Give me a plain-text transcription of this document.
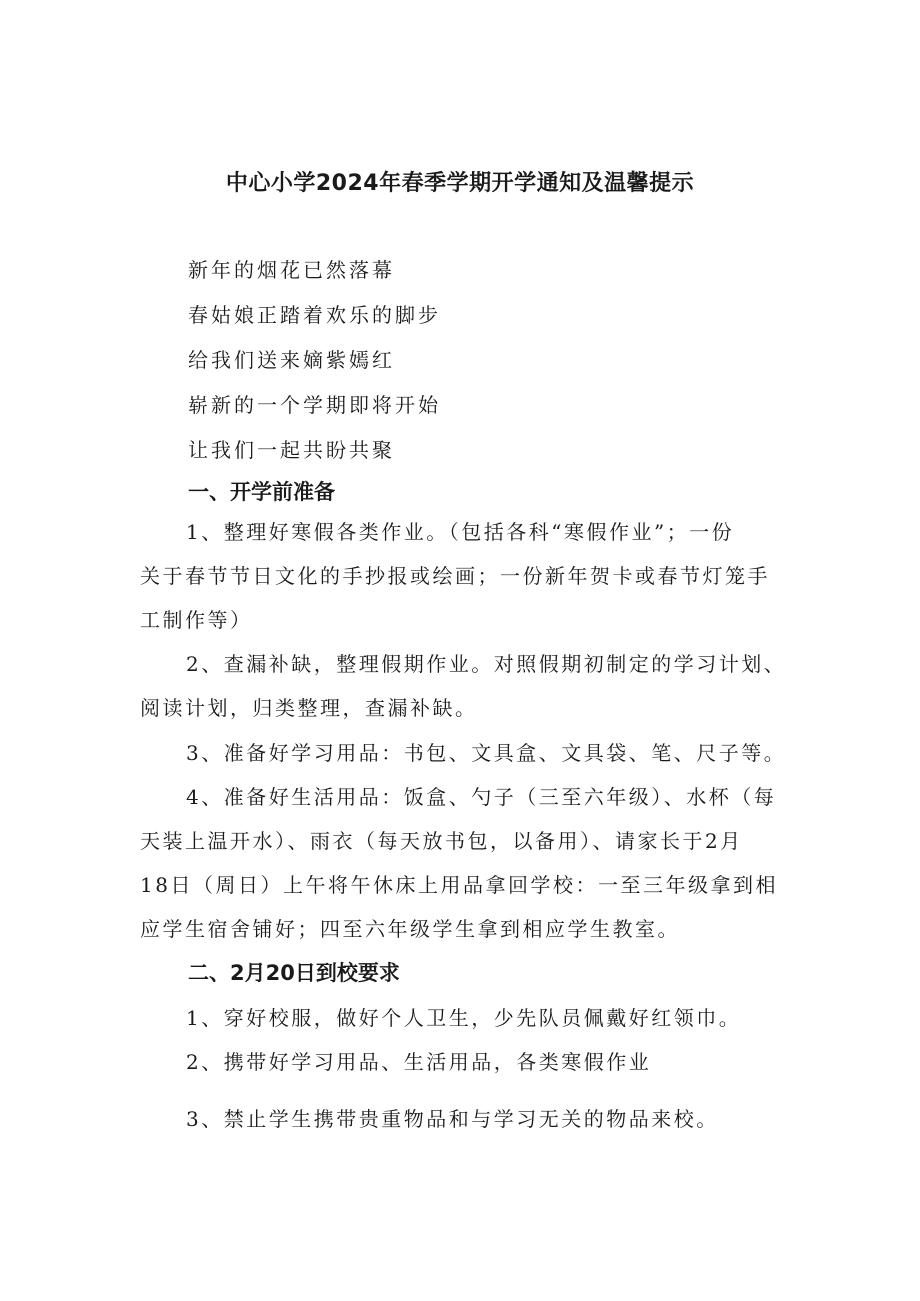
中心小学2024年春季学期开学通知及温馨提示
新年的烟花已然落幕
春姑娘正踏着欢乐的脚步
给我们送来嫡紫嫣红
崭新的一个学期即将开始
让我们一起共盼共聚
一、开学前准备
1、整理好寒假各类作业。（包括各科“寒假作业”；一份
关于春节节日文化的手抄报或绘画；一份新年贺卡或春节灯笼手
工制作等）
2、查漏补缺，整理假期作业。对照假期初制定的学习计划、
阅读计划，归类整理，查漏补缺。
3、准备好学习用品：书包、文具盒、文具袋、笔、尺子等。
4、准备好生活用品：饭盒、勺子（三至六年级）、水杯（每
天装上温开水）、雨衣（每天放书包，以备用）、请家长于2月
18日（周日）上午将午休床上用品拿回学校：一至三年级拿到相
应学生宿舍铺好；四至六年级学生拿到相应学生教室。
二、2月20日到校要求
1、穿好校服，做好个人卫生，少先队员佩戴好红领巾。
2、携带好学习用品、生活用品，各类寒假作业
3、禁止学生携带贵重物品和与学习无关的物品来校。
